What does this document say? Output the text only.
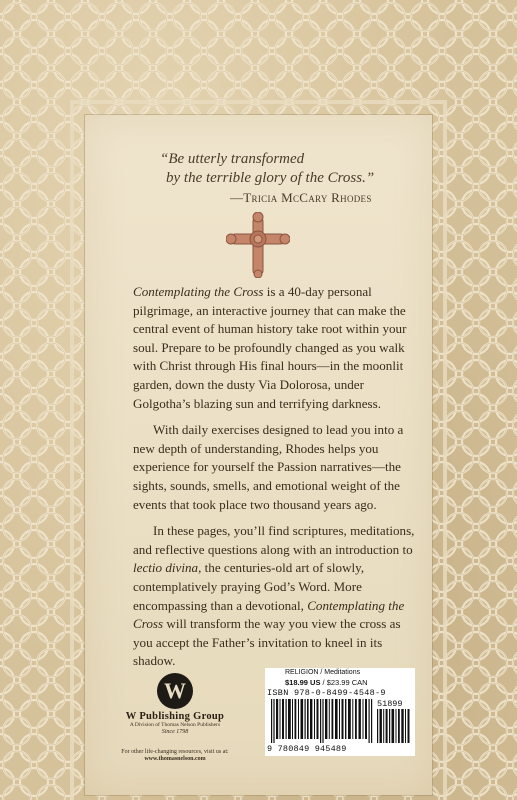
“Be utterly transformed
by the terrible glory of the Cross.”
—Tricia McCary Rhodes

Contemplating the Cross is a 40-day personal pilgrimage, an interactive journey that can make the central event of human history take root within your soul. Prepare to be profoundly changed as you walk with Christ through His final hours—in the moonlit garden, down the dusty Via Dolorosa, under Golgotha’s blazing sun and terrifying darkness.

With daily exercises designed to lead you into a new depth of understanding, Rhodes helps you experience for yourself the Passion narratives—the sights, sounds, smells, and emotional weight of the events that took place two thousand years ago.

In these pages, you’ll find scriptures, meditations, and reflective questions along with an introduction to lectio divina, the centuries-old art of slowly, contemplatively praying God’s Word. More encompassing than a devotional, Contemplating the Cross will transform the way you view the cross as you accept the Father’s invitation to kneel in its shadow.

W
W Publishing Group
A Division of Thomas Nelson Publishers
Since 1798
For other life-changing resources, visit us at:
www.thomasnelson.com
RELIGION / Meditations
$18.99 US / $23.99 CAN
ISBN 978-0-8499-4548-9
51899
9 780849 945489
